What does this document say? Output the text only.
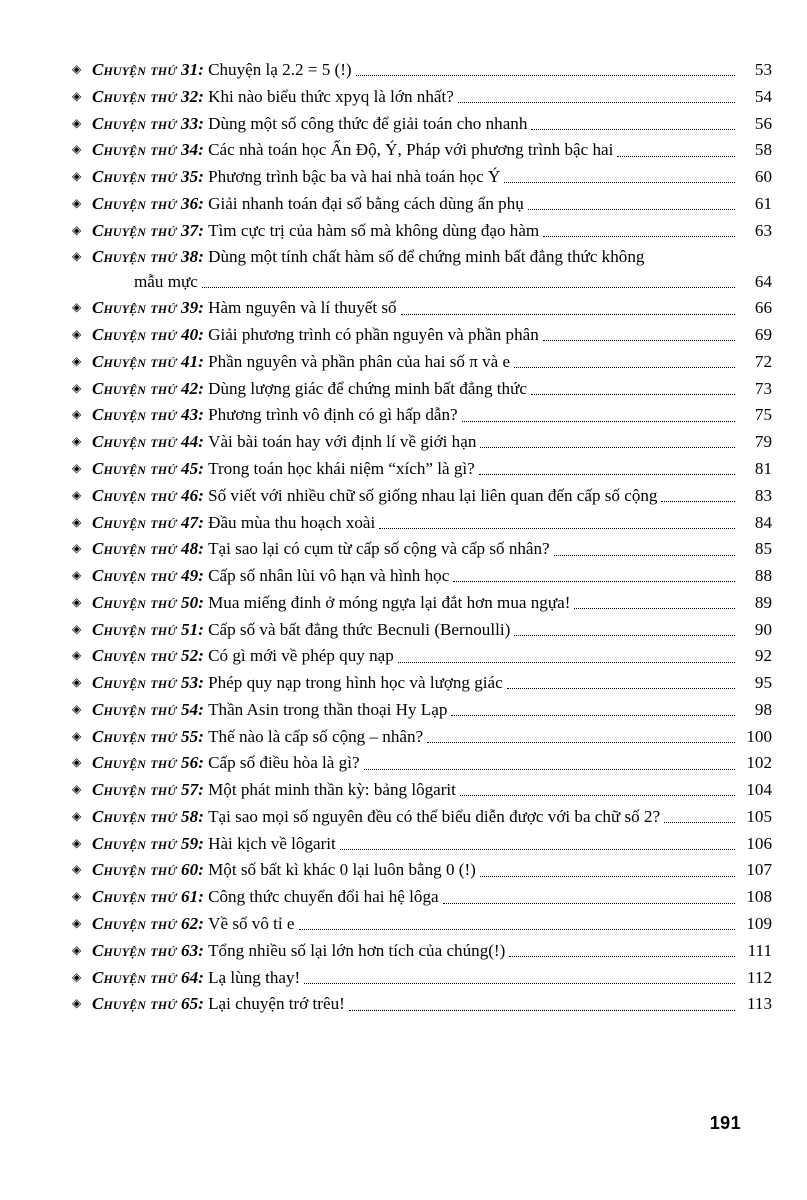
◈ Chuyện thứ 31: Chuyện lạ 2.2 = 5 (!)	53
◈ Chuyện thứ 32: Khi nào biểu thức xpyq là lớn nhất?	54
◈ Chuyện thứ 33: Dùng một số công thức để giải toán cho nhanh	56
◈ Chuyện thứ 34: Các nhà toán học Ấn Độ, Ý, Pháp với phương trình bậc hai	58
◈ Chuyện thứ 35: Phương trình bậc ba và hai nhà toán học Ý	60
◈ Chuyện thứ 36: Giải nhanh toán đại số bằng cách dùng ẩn phụ	61
◈ Chuyện thứ 37: Tìm cực trị của hàm số mà không dùng đạo hàm	63
◈ Chuyện thứ 38: Dùng một tính chất hàm số để chứng minh bất đẳng thức không
mẫu mực	64
◈ Chuyện thứ 39: Hàm nguyên và lí thuyết số	66
◈ Chuyện thứ 40: Giải phương trình có phần nguyên và phần phân	69
◈ Chuyện thứ 41: Phần nguyên và phần phân của hai số π và e	72
◈ Chuyện thứ 42: Dùng lượng giác để chứng minh bất đẳng thức	73
◈ Chuyện thứ 43: Phương trình vô định có gì hấp dẫn?	75
◈ Chuyện thứ 44: Vài bài toán hay với định lí về giới hạn	79
◈ Chuyện thứ 45: Trong toán học khái niệm “xích” là gì?	81
◈ Chuyện thứ 46: Số viết với nhiều chữ số giống nhau lại liên quan đến cấp số cộng	83
◈ Chuyện thứ 47: Đầu mùa thu hoạch xoài	84
◈ Chuyện thứ 48: Tại sao lại có cụm từ cấp số cộng và cấp số nhân?	85
◈ Chuyện thứ 49: Cấp số nhân lùi vô hạn và hình học	88
◈ Chuyện thứ 50: Mua miếng đinh ở móng ngựa lại đắt hơn mua ngựa!	89
◈ Chuyện thứ 51: Cấp số và bất đẳng thức Becnuli (Bernoulli)	90
◈ Chuyện thứ 52: Có gì mới về phép quy nạp	92
◈ Chuyện thứ 53: Phép quy nạp trong hình học và lượng giác	95
◈ Chuyện thứ 54: Thần Asin trong thần thoại Hy Lạp	98
◈ Chuyện thứ 55: Thế nào là cấp số cộng – nhân?	100
◈ Chuyện thứ 56: Cấp số điều hòa là gì?	102
◈ Chuyện thứ 57: Một phát minh thần kỳ: bảng lôgarit	104
◈ Chuyện thứ 58: Tại sao mọi số nguyên đều có thể biểu diễn được với ba chữ số 2?	105
◈ Chuyện thứ 59: Hài kịch về lôgarit	106
◈ Chuyện thứ 60: Một số bất kì khác 0 lại luôn bằng 0 (!)	107
◈ Chuyện thứ 61: Công thức chuyển đổi hai hệ lôga	108
◈ Chuyện thứ 62: Về số vô tỉ e	109
◈ Chuyện thứ 63: Tổng nhiều số lại lớn hơn tích của chúng(!)	111
◈ Chuyện thứ 64: Lạ lùng thay!	112
◈ Chuyện thứ 65: Lại chuyện trớ trêu!	113
191
